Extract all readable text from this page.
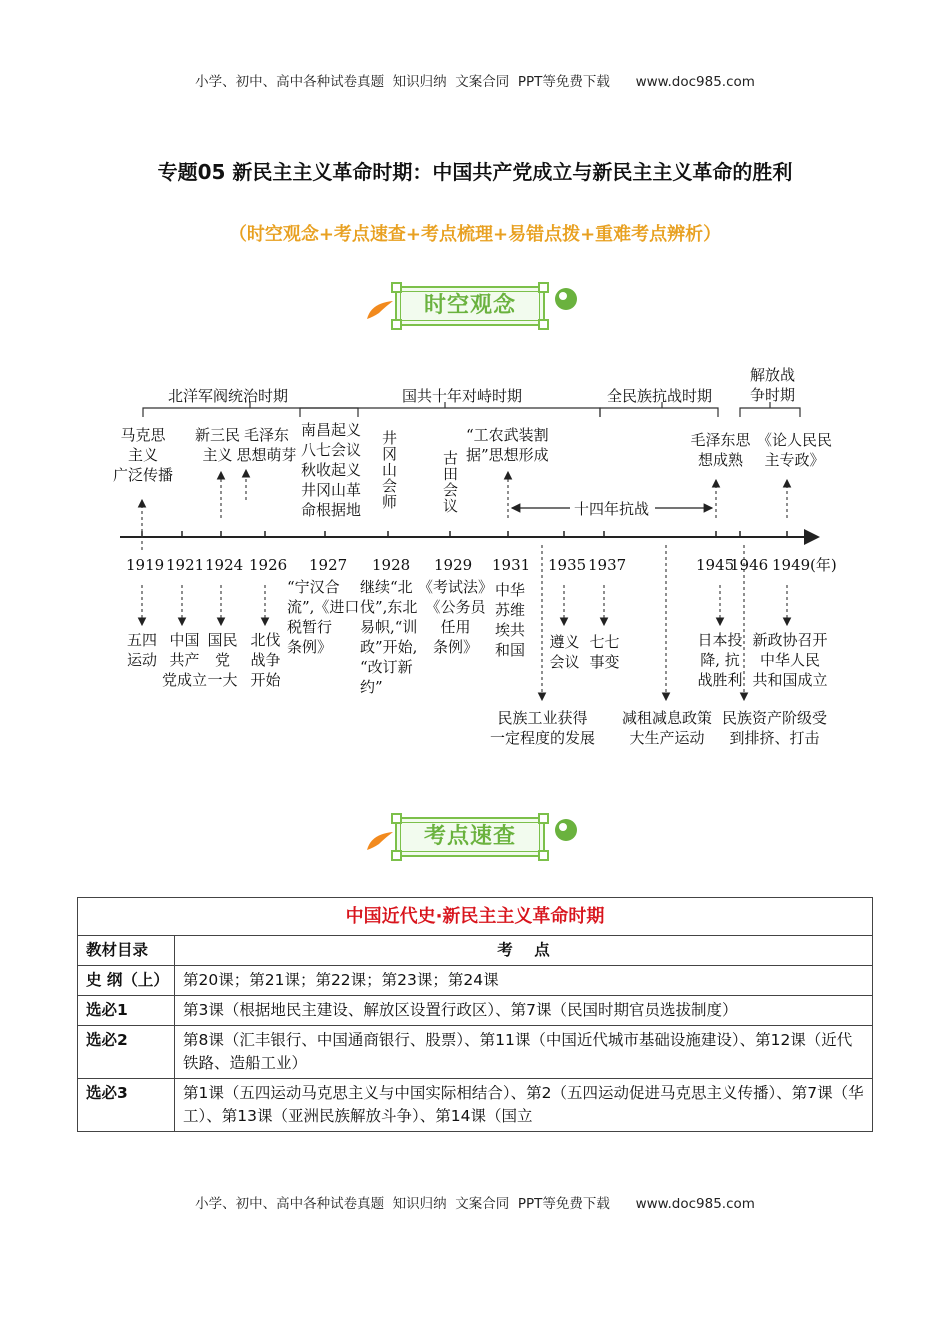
小学、初中、高中各种试卷真题  知识归纳  文案合同  PPT等免费下载      www.doc985.com
专题05 新民主主义革命时期：中国共产党成立与新民主主义革命的胜利
（时空观念+考点速查+考点梳理+易错点拨+重难考点辨析）
时空观念
北洋军阀统治时期	国共十年对峙时期	全民族抗战时期
解放战
争时期
十四年抗战
马克思
主义
广泛传播
新三民
主义
毛泽东
思想萌芽
南昌起义
八七会议
秋收起义
井冈山革
命根据地	井冈山会师	古田会议
“工农武装割
据”思想形成
毛泽东思
想成熟
《论人民民
主专政》
1919 1921 1924 1926 1927 1928 1929 1931 1935 1937	1945
1946 1949 (年)
五四
运动
中国
共产
党成立
国民
党
一大
北伐
战争
开始
“宁汉合
流”,《进口
税暂行
条例》
继续“北
伐”,东北
易帜,“训
政”开始,
“改订新
约”
《考试法》
《公务员
任用
条例》
中华
苏维
埃共
和国	遵义
会议
七七
事变
日本投
降, 抗
战胜利
新政协召开
中华人民
共和国成立
民族工业获得
一定程度的发展
减租减息政策
大生产运动
民族资产阶级受
到排挤、打击
考点速查
中国近代史·新民主主义革命时期	
教材目录	考    点
史 纲（上）	第20课；第21课；第22课；第23课；第24课
选必1	第3课（根据地民主建设、解放区设置行政区）、第7课（民国时期官员选拔制度）
选必2	第8课（汇丰银行、中国通商银行、股票）、第11课（中国近代城市基础设施建设）、第12课（近代铁路、造船工业）
选必3	第1课（五四运动马克思主义与中国实际相结合）、第2（五四运动促进马克思主义传播）、第7课（华工）、第13课（亚洲民族解放斗争）、第14课（国立
小学、初中、高中各种试卷真题  知识归纳  文案合同  PPT等免费下载      www.doc985.com
